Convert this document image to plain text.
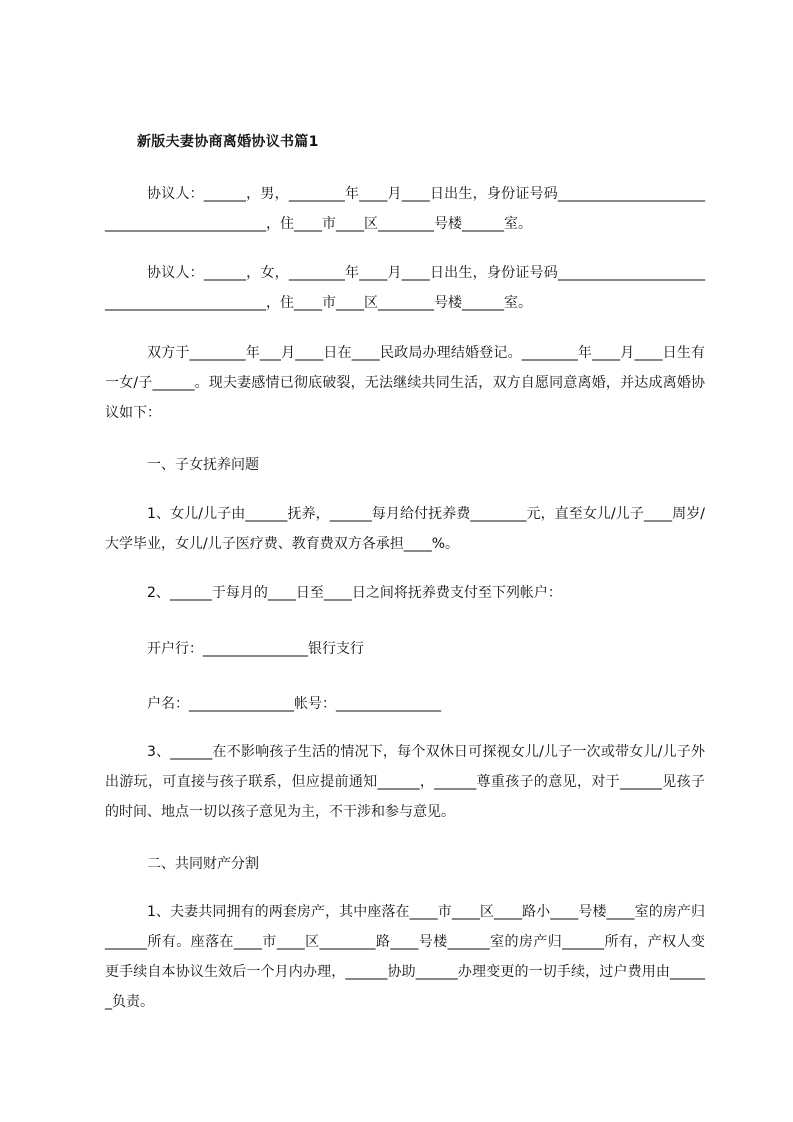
新版夫妻协商离婚协议书篇1
协议人：______，男，________年____月____日出生，身份证号码____________________________________________，住____市____区________号楼______室。
协议人：______，女，________年____月____日出生，身份证号码____________________________________________，住____市____区________号楼______室。
双方于________年___月____日在____民政局办理结婚登记。________年____月____日生有一女/子______。现夫妻感情已彻底破裂，无法继续共同生活，双方自愿同意离婚，并达成离婚协议如下：
一、子女抚养问题
1、女儿/儿子由______抚养，______每月给付抚养费________元，直至女儿/儿子____周岁/大学毕业，女儿/儿子医疗费、教育费双方各承担____%。
2、______于每月的____日至____日之间将抚养费支付至下列帐户：
开户行：_______________银行支行
户名：_______________帐号：_______________
3、______在不影响孩子生活的情况下，每个双休日可探视女儿/儿子一次或带女儿/儿子外出游玩，可直接与孩子联系，但应提前通知______，______尊重孩子的意见，对于______见孩子的时间、地点一切以孩子意见为主，不干涉和参与意见。
二、共同财产分割
1、夫妻共同拥有的两套房产，其中座落在____市____区____路小____号楼____室的房产归______所有。座落在____市____区________路____号楼______室的房产归______所有，产权人变更手续自本协议生效后一个月内办理，______协助______办理变更的一切手续，过户费用由______负责。
